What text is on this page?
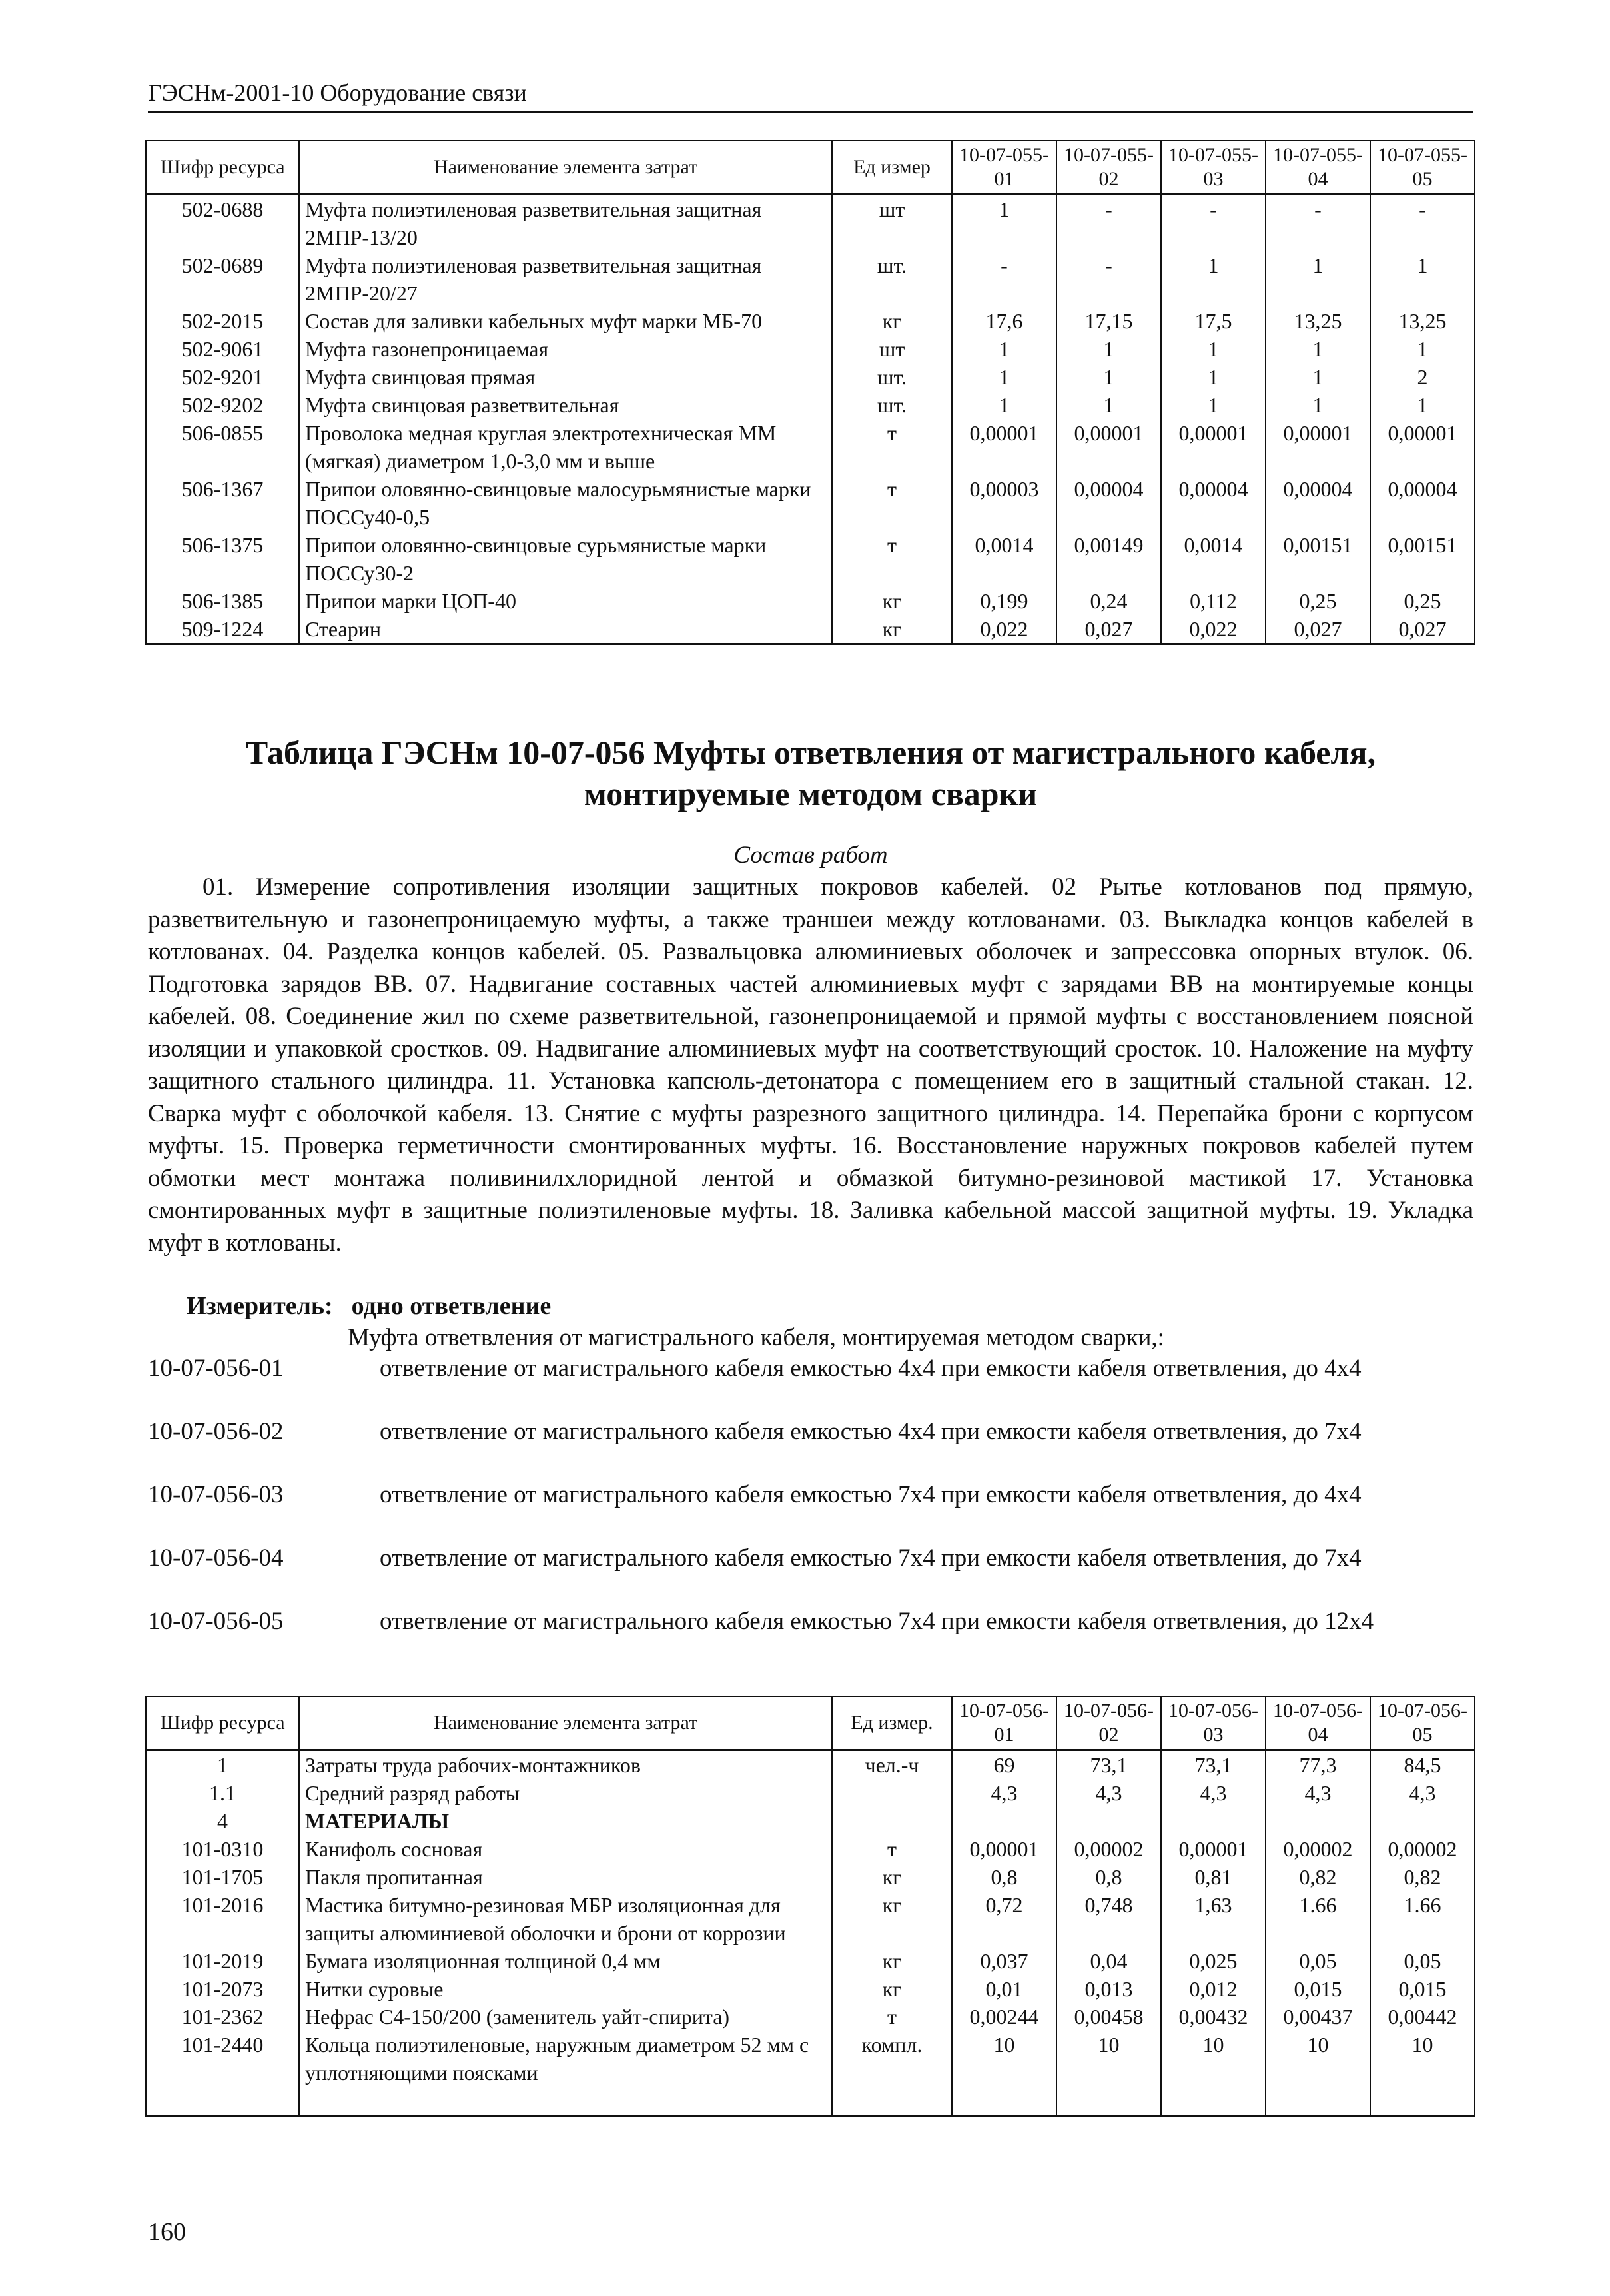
ГЭСНм-2001-10 Оборудование связи
Шифр ресурса	Наименование элемента затрат	Ед измер	10-07-055-01	10-07-055-02	10-07-055-03	10-07-055-04	10-07-055-05
502-0688	Муфта полиэтиленовая разветвительная защитная 2МПР-13/20	шт	1	-	-	-	-
502-0689	Муфта полиэтиленовая разветвительная защитная 2МПР-20/27	шт.	-	-	1	1	1
502-2015	Состав для заливки кабельных муфт марки МБ-70	кг	17,6	17,15	17,5	13,25	13,25
502-9061	Муфта газонепроницаемая	шт	1	1	1	1	1
502-9201	Муфта свинцовая прямая	шт.	1	1	1	1	2
502-9202	Муфта свинцовая разветвительная	шт.	1	1	1	1	1
506-0855	Проволока медная круглая электротехническая ММ (мягкая) диаметром 1,0-3,0 мм и выше	т	0,00001	0,00001	0,00001	0,00001	0,00001
506-1367	Припои оловянно-свинцовые малосурьмянистые марки ПОССу40-0,5	т	0,00003	0,00004	0,00004	0,00004	0,00004
506-1375	Припои оловянно-свинцовые сурьмянистые марки ПОССу30-2	т	0,0014	0,00149	0,0014	0,00151	0,00151
506-1385	Припои марки ЦОП-40	кг	0,199	0,24	0,112	0,25	0,25
509-1224	Стеарин	кг	0,022	0,027	0,022	0,027	0,027
Таблица ГЭСНм 10-07-056 Муфты ответвления от магистрального кабеля, монтируемые методом сварки
Состав работ
01. Измерение сопротивления изоляции защитных покровов кабелей. 02 Рытье котлованов под прямую, разветвительную и газонепроницаемую муфты, а также траншеи между котлованами. 03. Выкладка концов кабелей в котлованах. 04. Разделка концов кабелей. 05. Развальцовка алюминиевых оболочек и запрессовка опорных втулок. 06. Подготовка зарядов ВВ. 07. Надвигание составных частей алюминиевых муфт с зарядами ВВ на монтируемые концы кабелей. 08. Соединение жил по схеме разветвительной, газонепроницаемой и прямой муфты с восстановлением поясной изоляции и упаковкой сростков. 09. Надвигание алюминиевых муфт на соответствующий сросток. 10. Наложение на муфту защитного стального цилиндра. 11. Установка капсюль-детонатора с помещением его в защитный стальной стакан. 12. Сварка муфт с оболочкой кабеля. 13. Снятие с муфты разрезного защитного цилиндра. 14. Перепайка брони с корпусом муфты. 15. Проверка герметичности смонтированных муфты. 16. Восстановление наружных покровов кабелей путем обмотки мест монтажа поливинилхлоридной лентой и обмазкой битумно-резиновой мастикой 17. Установка смонтированных муфт в защитные полиэтиленовые муфты. 18. Заливка кабельной массой защитной муфты. 19. Укладка муфт в котлованы.
Измеритель: одно ответвление
Муфта ответвления от магистрального кабеля, монтируемая методом сварки,:
10-07-056-01	ответвление от магистрального кабеля емкостью 4х4 при емкости кабеля ответвления, до 4х4
10-07-056-02	ответвление от магистрального кабеля емкостью 4х4 при емкости кабеля ответвления, до 7х4
10-07-056-03	ответвление от магистрального кабеля емкостью 7х4 при емкости кабеля ответвления, до 4х4
10-07-056-04	ответвление от магистрального кабеля емкостью 7х4 при емкости кабеля ответвления, до 7х4
10-07-056-05	ответвление от магистрального кабеля емкостью 7х4 при емкости кабеля ответвления, до 12х4
Шифр ресурса	Наименование элемента затрат	Ед измер.	10-07-056-01	10-07-056-02	10-07-056-03	10-07-056-04	10-07-056-05
1	Затраты труда рабочих-монтажников	чел.-ч	69	73,1	73,1	77,3	84,5
1.1	Средний разряд работы		4,3	4,3	4,3	4,3	4,3
4	МАТЕРИАЛЫ						
101-0310	Канифоль сосновая	т	0,00001	0,00002	0,00001	0,00002	0,00002
101-1705	Пакля пропитанная	кг	0,8	0,8	0,81	0,82	0,82
101-2016	Мастика битумно-резиновая МБР изоляционная для защиты алюминиевой оболочки и брони от коррозии	кг	0,72	0,748	1,63	1.66	1.66
101-2019	Бумага изоляционная толщиной 0,4 мм	кг	0,037	0,04	0,025	0,05	0,05
101-2073	Нитки суровые	кг	0,01	0,013	0,012	0,015	0,015
101-2362	Нефрас С4-150/200 (заменитель уайт-спирита)	т	0,00244	0,00458	0,00432	0,00437	0,00442
101-2440	Кольца полиэтиленовые, наружным диаметром 52 мм с уплотняющими поясками	компл.	10	10	10	10	10

160
